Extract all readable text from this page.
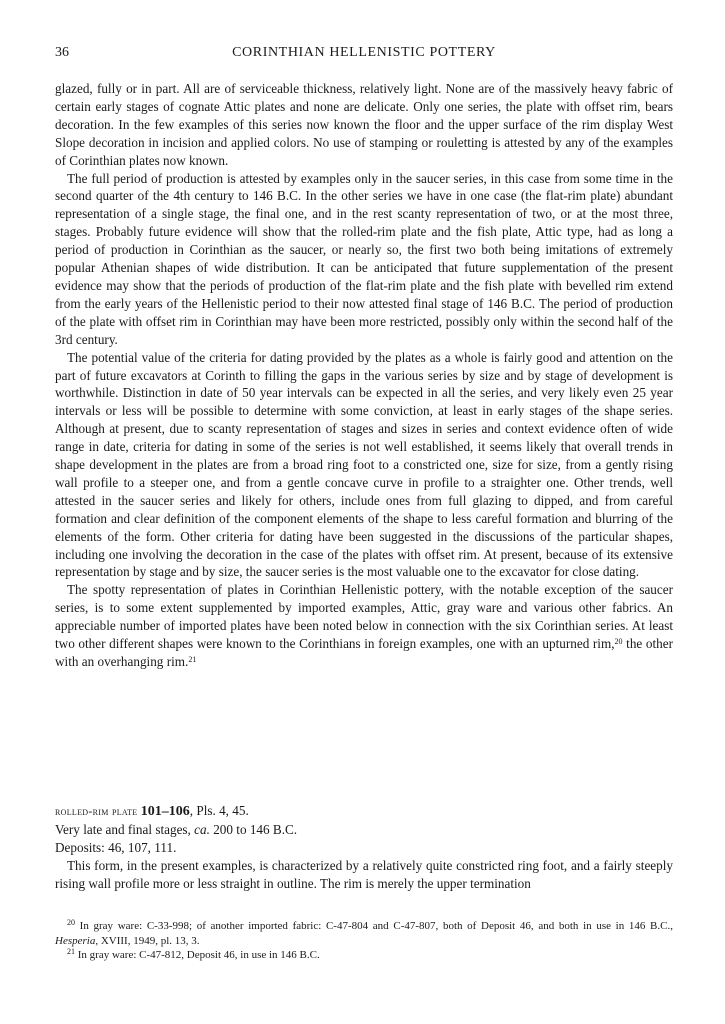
36	CORINTHIAN HELLENISTIC POTTERY

glazed, fully or in part. All are of serviceable thickness, relatively light. None are of the massively heavy fabric of certain early stages of cognate Attic plates and none are delicate. Only one series, the plate with offset rim, bears decoration. In the few examples of this series now known the floor and the upper surface of the rim display West Slope decoration in incision and applied colors. No use of stamping or rouletting is attested by any of the examples of Corinthian plates now known.

The full period of production is attested by examples only in the saucer series, in this case from some time in the second quarter of the 4th century to 146 B.C. In the other series we have in one case (the flat-rim plate) abundant representation of a single stage, the final one, and in the rest scanty representation of two, or at the most three, stages. Probably future evidence will show that the rolled-rim plate and the fish plate, Attic type, had as long a period of production in Corinthian as the saucer, or nearly so, the first two both being imitations of extremely popular Athenian shapes of wide distribution. It can be anticipated that future supplementation of the present evidence may show that the periods of production of the flat-rim plate and the fish plate with bevelled rim extend from the early years of the Hellenistic period to their now attested final stage of 146 B.C. The period of production of the plate with offset rim in Corinthian may have been more restricted, possibly only within the second half of the 3rd century.

The potential value of the criteria for dating provided by the plates as a whole is fairly good and attention on the part of future excavators at Corinth to filling the gaps in the various series by size and by stage of development is worthwhile. Distinction in date of 50 year intervals can be expected in all the series, and very likely even 25 year intervals or less will be possible to determine with some conviction, at least in early stages of the shape series. Although at present, due to scanty representation of stages and sizes in series and context evidence often of wide range in date, criteria for dating in some of the series is not well established, it seems likely that overall trends in shape development in the plates are from a broad ring foot to a constricted one, size for size, from a gently rising wall profile to a steeper one, and from a gentle concave curve in profile to a straighter one. Other trends, well attested in the saucer series and likely for others, include ones from full glazing to dipped, and from careful formation and clear definition of the component elements of the shape to less careful formation and blurring of the elements of the form. Other criteria for dating have been suggested in the discussions of the particular shapes, including one involving the decoration in the case of the plates with offset rim. At present, because of its extensive representation by stage and by size, the saucer series is the most valuable one to the excavator for close dating.

The spotty representation of plates in Corinthian Hellenistic pottery, with the notable exception of the saucer series, is to some extent supplemented by imported examples, Attic, gray ware and various other fabrics. An appreciable number of imported plates have been noted below in connection with the six Corinthian series. At least two other different shapes were known to the Corinthians in foreign examples, one with an upturned rim,$^{20}$ the other with an overhanging rim.$^{21}$

rolled-rim plate 101–106, Pls. 4, 45.

Very late and final stages, ca. 200 to 146 B.C.

Deposits: 46, 107, 111.

This form, in the present examples, is characterized by a relatively quite constricted ring foot, and a fairly steeply rising wall profile more or less straight in outline. The rim is merely the upper termination

$^{20}$ In gray ware: C-33-998; of another imported fabric: C-47-804 and C-47-807, both of Deposit 46, and both in use in 146 B.C., Hesperia, XVIII, 1949, pl. 13, 3.

$^{21}$ In gray ware: C-47-812, Deposit 46, in use in 146 B.C.
